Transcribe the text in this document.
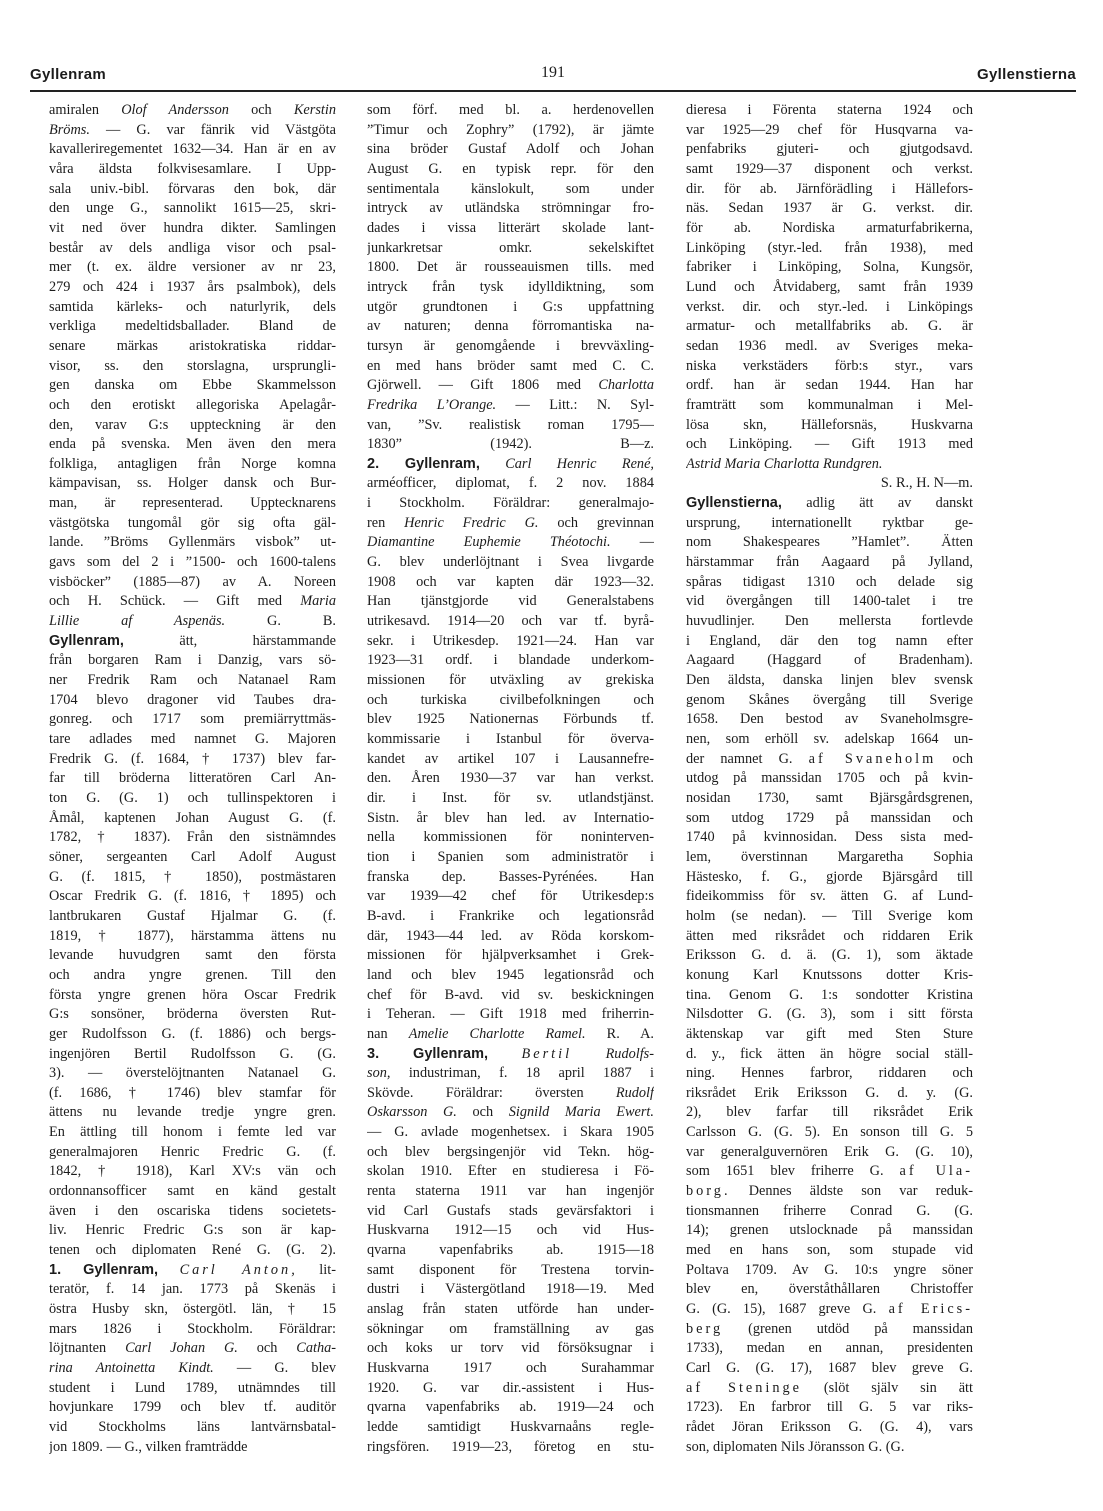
Gyllenram	191	Gyllenstierna
amiralen Olof Andersson och Kerstin
Bröms. — G. var fänrik vid Västgöta
kavalleriregementet 1632—34. Han är en av
våra äldsta folkvisesamlare. I Upp-
sala univ.-bibl. förvaras den bok, där
den unge G., sannolikt 1615—25, skri-
vit ned över hundra dikter. Samlingen
består av dels andliga visor och psal-
mer (t. ex. äldre versioner av nr 23,
279 och 424 i 1937 års psalmbok), dels
samtida kärleks- och naturlyrik, dels
verkliga medeltidsballader. Bland de
senare märkas aristokratiska riddar-
visor, ss. den storslagna, ursprungli-
gen danska om Ebbe Skammelsson
och den erotiskt allegoriska Apelagår-
den, varav G:s uppteckning är den
enda på svenska. Men även den mera
folkliga, antagligen från Norge komna
kämpavisan, ss. Holger dansk och Bur-
man, är representerad. Upptecknarens
västgötska tungomål gör sig ofta gäl-
lande. ”Bröms Gyllenmärs visbok” ut-
gavs som del 2 i ”1500- och 1600-talens
visböcker” (1885—87) av A. Noreen
och H. Schück. — Gift med Maria
Lillie af Aspenäs. G. B.
Gyllenram, ätt, härstammande
från borgaren Ram i Danzig, vars sö-
ner Fredrik Ram och Natanael Ram
1704 blevo dragoner vid Taubes dra-
gonreg. och 1717 som premiärryttmäs-
tare adlades med namnet G. Majoren
Fredrik G. (f. 1684, † 1737) blev far-
far till bröderna litteratören Carl An-
ton G. (G. 1) och tullinspektoren i
Åmål, kaptenen Johan August G. (f.
1782, † 1837). Från den sistnämndes
söner, sergeanten Carl Adolf August
G. (f. 1815, † 1850), postmästaren
Oscar Fredrik G. (f. 1816, † 1895) och
lantbrukaren Gustaf Hjalmar G. (f.
1819, † 1877), härstamma ättens nu
levande huvudgren samt den första
och andra yngre grenen. Till den
första yngre grenen höra Oscar Fredrik
G:s sonsöner, bröderna översten Rut-
ger Rudolfsson G. (f. 1886) och bergs-
ingenjören Bertil Rudolfsson G. (G.
3). — överstelöjtnanten Natanael G.
(f. 1686, † 1746) blev stamfar för
ättens nu levande tredje yngre gren.
En ättling till honom i femte led var
generalmajoren Henric Fredric G. (f.
1842, † 1918), Karl XV:s vän och
ordonnansofficer samt en känd gestalt
även i den oscariska tidens societets-
liv. Henric Fredric G:s son är kap-
tenen och diplomaten René G. (G. 2).
1. Gyllenram, Carl Anton, lit-
teratör, f. 14 jan. 1773 på Skenäs i
östra Husby skn, östergötl. län, † 15
mars 1826 i Stockholm. Föräldrar:
löjtnanten Carl Johan G. och Catha-
rina Antoinetta Kindt. — G. blev
student i Lund 1789, utnämndes till
hovjunkare 1799 och blev tf. auditör
vid Stockholms läns lantvärnsbatal-
jon 1809. — G., vilken framträdde
som förf. med bl. a. herdenovellen
”Timur och Zophry” (1792), är jämte
sina bröder Gustaf Adolf och Johan
August G. en typisk repr. för den
sentimentala känslokult, som under
intryck av utländska strömningar fro-
dades i vissa litterärt skolade lant-
junkarkretsar omkr. sekelskiftet
1800. Det är rousseauismen tills. med
intryck från tysk idylldiktning, som
utgör grundtonen i G:s uppfattning
av naturen; denna förromantiska na-
tursyn är genomgående i brevväxling-
en med hans bröder samt med C. C.
Gjörwell. — Gift 1806 med Charlotta
Fredrika L’Orange. — Litt.: N. Syl-
van, ”Sv. realistisk roman 1795—
1830” (1942). B—z.
2. Gyllenram, Carl Henric René,
arméofficer, diplomat, f. 2 nov. 1884
i Stockholm. Föräldrar: generalmajo-
ren Henric Fredric G. och grevinnan
Diamantine Euphemie Théotochi. —
G. blev underlöjtnant i Svea livgarde
1908 och var kapten där 1923—32.
Han tjänstgjorde vid Generalstabens
utrikesavd. 1914—20 och var tf. byrå-
sekr. i Utrikesdep. 1921—24. Han var
1923—31 ordf. i blandade underkom-
missionen för utväxling av grekiska
och turkiska civilbefolkningen och
blev 1925 Nationernas Förbunds tf.
kommissarie i Istanbul för överva-
kandet av artikel 107 i Lausannefre-
den. Åren 1930—37 var han verkst.
dir. i Inst. för sv. utlandstjänst.
Sistn. år blev han led. av Internatio-
nella kommissionen för noninterven-
tion i Spanien som administratör i
franska dep. Basses-Pyrénées. Han
var 1939—42 chef för Utrikesdep:s
B-avd. i Frankrike och legationsråd
där, 1943—44 led. av Röda korskom-
missionen för hjälpverksamhet i Grek-
land och blev 1945 legationsråd och
chef för B-avd. vid sv. beskickningen
i Teheran. — Gift 1918 med friherrin-
nan Amelie Charlotte Ramel. R. A.
3. Gyllenram, Bertil Rudolfs-
son, industriman, f. 18 april 1887 i
Skövde. Föräldrar: översten Rudolf
Oskarsson G. och Signild Maria Ewert.
— G. avlade mogenhetsex. i Skara 1905
och blev bergsingenjör vid Tekn. hög-
skolan 1910. Efter en studieresa i Fö-
renta staterna 1911 var han ingenjör
vid Carl Gustafs stads gevärsfaktori i
Huskvarna 1912—15 och vid Hus-
qvarna vapenfabriks ab. 1915—18
samt disponent för Trestena torvin-
dustri i Västergötland 1918—19. Med
anslag från staten utförde han under-
sökningar om framställning av gas
och koks ur torv vid försöksugnar i
Huskvarna 1917 och Surahammar
1920. G. var dir.-assistent i Hus-
qvarna vapenfabriks ab. 1919—24 och
ledde samtidigt Huskvarnaåns regle-
ringsfören. 1919—23, företog en stu-
dieresa i Förenta staterna 1924 och
var 1925—29 chef för Husqvarna va-
penfabriks gjuteri- och gjutgodsavd.
samt 1929—37 disponent och verkst.
dir. för ab. Järnförädling i Hällefors-
näs. Sedan 1937 är G. verkst. dir.
för ab. Nordiska armaturfabrikerna,
Linköping (styr.-led. från 1938), med
fabriker i Linköping, Solna, Kungsör,
Lund och Åtvidaberg, samt från 1939
verkst. dir. och styr.-led. i Linköpings
armatur- och metallfabriks ab. G. är
sedan 1936 medl. av Sveriges meka-
niska verkstäders förb:s styr., vars
ordf. han är sedan 1944. Han har
framträtt som kommunalman i Mel-
lösa skn, Hälleforsnäs, Huskvarna
och Linköping. — Gift 1913 med
Astrid Maria Charlotta Rundgren.
S. R., H. N—m.
Gyllenstierna, adlig ätt av danskt
ursprung, internationellt ryktbar ge-
nom Shakespeares ”Hamlet”. Ätten
härstammar från Aagaard på Jylland,
spåras tidigast 1310 och delade sig
vid övergången till 1400-talet i tre
huvudlinjer. Den mellersta fortlevde
i England, där den tog namn efter
Aagaard (Haggard of Bradenham).
Den äldsta, danska linjen blev svensk
genom Skånes övergång till Sverige
1658. Den bestod av Svaneholmsgre-
nen, som erhöll sv. adelskap 1664 un-
der namnet G. af Svaneholm och
utdog på manssidan 1705 och på kvin-
nosidan 1730, samt Bjärsgårdsgrenen,
som utdog 1729 på manssidan och
1740 på kvinnosidan. Dess sista med-
lem, överstinnan Margaretha Sophia
Hästesko, f. G., gjorde Bjärsgård till
fideikommiss för sv. ätten G. af Lund-
holm (se nedan). — Till Sverige kom
ätten med riksrådet och riddaren Erik
Eriksson G. d. ä. (G. 1), som äktade
konung Karl Knutssons dotter Kris-
tina. Genom G. 1:s sondotter Kristina
Nilsdotter G. (G. 3), som i sitt första
äktenskap var gift med Sten Sture
d. y., fick ätten än högre social ställ-
ning. Hennes farbror, riddaren och
riksrådet Erik Eriksson G. d. y. (G.
2), blev farfar till riksrådet Erik
Carlsson G. (G. 5). En sonson till G. 5
var generalguvernören Erik G. (G. 10),
som 1651 blev friherre G. af Ula-
borg. Dennes äldste son var reduk-
tionsmannen friherre Conrad G. (G.
14); grenen utslocknade på manssidan
med en hans son, som stupade vid
Poltava 1709. Av G. 10:s yngre söner
blev en, överståthållaren Christoffer
G. (G. 15), 1687 greve G. af Erics-
berg (grenen utdöd på manssidan
1733), medan en annan, presidenten
Carl G. (G. 17), 1687 blev greve G.
af Steninge (slöt själv sin ätt
1723). En farbror till G. 5 var riks-
rådet Jöran Eriksson G. (G. 4), vars
son, diplomaten Nils Jöransson G. (G.
